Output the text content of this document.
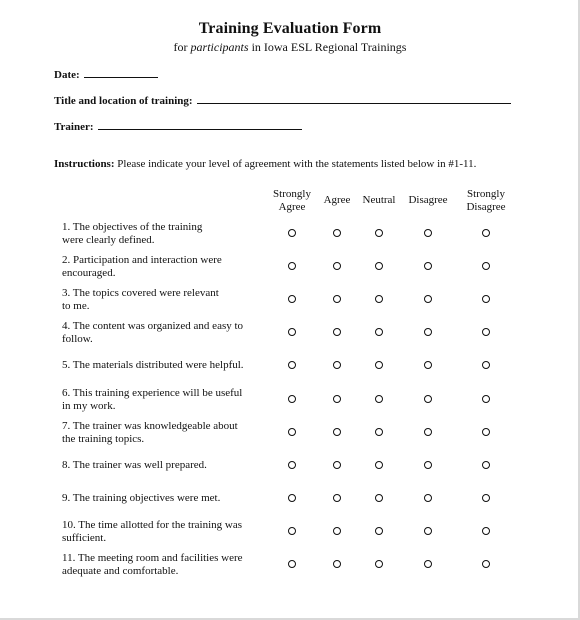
Training Evaluation Form
for participants in Iowa ESL Regional Trainings
Date:
Title and location of training:
Trainer:
Instructions: Please indicate your level of agreement with the statements listed below in #1-11.
Strongly
Agree
Agree Neutral Disagree Strongly
Disagree
1. The objectives of the training
were clearly defined.
2. Participation and interaction were
encouraged.
3. The topics covered were relevant
to me.
4. The content was organized and easy to
follow.
5. The materials distributed were helpful.
6. This training experience will be useful
in my work.
7. The trainer was knowledgeable about
the training topics.
8. The trainer was well prepared.
9. The training objectives were met.
10. The time allotted for the training was
sufficient.
11. The meeting room and facilities were
adequate and comfortable.
